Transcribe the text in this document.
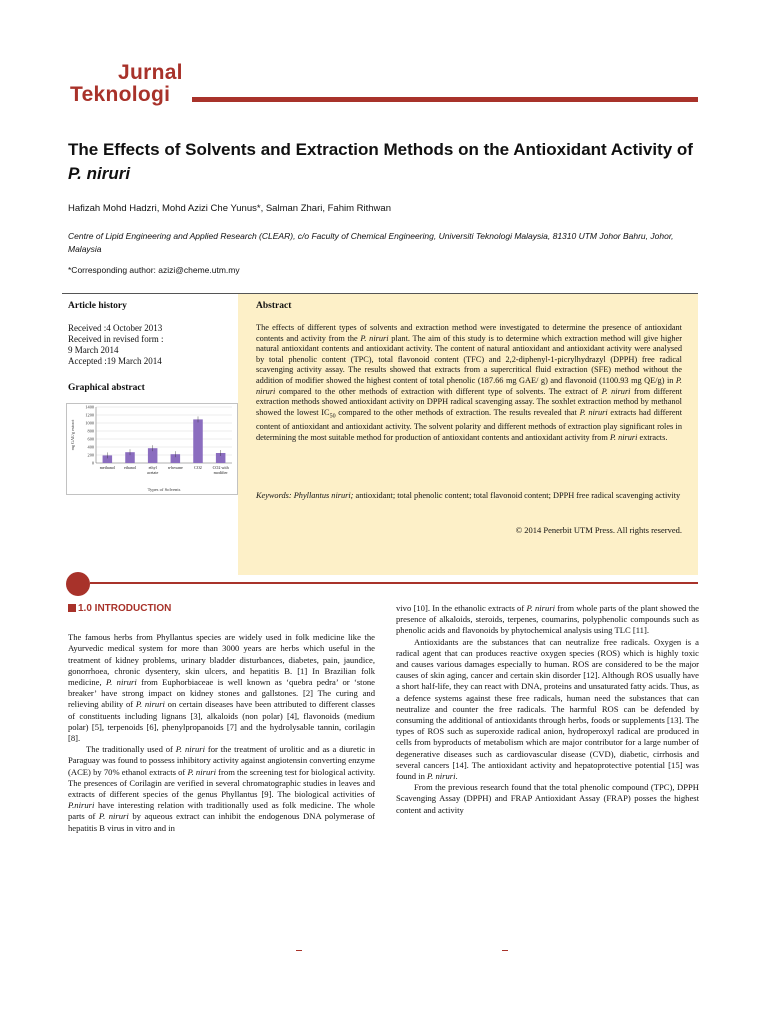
Jurnal
Teknologi
The Effects of Solvents and Extraction Methods on the Antioxidant Activity of P. niruri
Hafizah Mohd Hadzri, Mohd Azizi Che Yunus*, Salman Zhari, Fahim Rithwan
Centre of Lipid Engineering and Applied Research (CLEAR), c/o Faculty of Chemical Engineering, Universiti Teknologi Malaysia, 81310 UTM Johor Bahru, Johor, Malaysia
*Corresponding author: azizi@cheme.utm.my
Article history
Received :4 October 2013
Received in revised form :
9 March 2014
Accepted :19 March 2014
Graphical abstract
0
200
400
600
800
1000
1200
1400
methanol ethanol	ethyl
acetate
n-hexane	CO2	CO2 with
modifier
mg GAE/g extract
Types of Solvents
Abstract
The effects of different types of solvents and extraction method were investigated to determine the presence of antioxidant contents and activity from the P. niruri plant. The aim of this study is to determine which extraction method will give higher natural antioxidant contents and antioxidant activity. The content of natural antioxidant and antioxidant activity were analysed by total phenolic content (TPC), total flavonoid content (TFC) and 2,2-diphenyl-1-picrylhydrazyl (DPPH) free radical scavenging activity assay. The results showed that extracts from a supercritical fluid extraction (SFE) method without the addition of modifier showed the highest content of total phenolic (187.66 mg GAE/ g) and flavonoid (1100.93 mg QE/g) in P. niruri compared to the other methods of extraction with different type of solvents. The extract of P. niruri from different extraction methods showed antioxidant activity on DPPH radical scavenging assay. The soxhlet extraction method by methanol showed the lowest $IC_{50}$ compared to the other methods of extraction. The results revealed that P. niruri extracts had different content of antioxidant and antioxidant activity. The solvent polarity and different methods of extraction play significant roles in determining the most suitable method for production of antioxidant contents and antioxidant activity from P. niruri extracts.
Keywords: Phyllantus niruri; antioxidant; total phenolic content; total flavonoid content; DPPH free radical scavenging activity
© 2014 Penerbit UTM Press. All rights reserved.

1.0 INTRODUCTION

The famous herbs from Phyllantus species are widely used in folk medicine like the Ayurvedic medical system for more than 3000 years are herbs which useful in the treatment of kidney problems, urinary bladder disturbances, diabetes, pain, jaundice, gonorrhoea, chronic dysentery, skin ulcers, and hepatitis B. [1] In Brazilian folk medicine, P. niruri from Euphorbiaceae is well known as ‘quebra pedra’ or ‘stone breaker’ have strong impact on kidney stones and gallstones. [2] The curing and relieving ability of P. niruri on certain diseases have been attributed to different classes of constituents including lignans [3], alkaloids (non polar) [4], flavonoids (medium polar) [5], terpenoids [6], phenylpropanoids [7] and the hydrolysable tannin, corilagin [8].

The traditionally used of P. niruri for the treatment of urolitic and as a diuretic in Paraguay was found to possess inhibitory activity against angiotensin converting enzyme (ACE) by 70% ethanol extracts of P. niruri from the screening test for biological activity. The presences of Corilagin are verified in several chromatographic studies in leaves and extracts of different species of the genus Phyllantus [9]. The biological activities of P.niruri have interesting relation with traditionally used as folk medicine. The whole parts of P. niruri by aqueous extract can inhibit the endogenous DNA polymerase of hepatitis B virus in vitro and in

vivo [10]. In the ethanolic extracts of P. niruri from whole parts of the plant showed the presence of alkaloids, steroids, terpenes, coumarins, polyphenolic compounds such as phenolic acids and flavonoids by phytochemical analysis using TLC [11].

Antioxidants are the substances that can neutralize free radicals. Oxygen is a radical agent that can produces reactive oxygen species (ROS) which is highly toxic and causes various damages especially to human. ROS are considered to be the major causes of skin aging, cancer and certain skin disorder [12]. Although ROS usually have a short half-life, they can react with DNA, proteins and unsaturated fatty acids. Thus, as a defence systems against these free radicals, human need the substances that can neutralize and counter the free radicals. The harmful ROS can be defended by consuming the additional of antioxidants through herbs, foods or supplements [13]. The types of ROS such as superoxide radical anion, hydroperoxyl radical are produced in cells from byproducts of metabolism which are major contributor for a large number of degenerative diseases such as cardiovascular disease (CVD), diabetic, cirrhosis and several cancers [14]. The antioxidant activity and hepatoprotective potential [15] was found in P. niruri.

From the previous research found that the total phenolic compound (TPC), DPPH Scavenging Assay (DPPH) and FRAP Antioxidant Assay (FRAP) posses the highest content and activity
